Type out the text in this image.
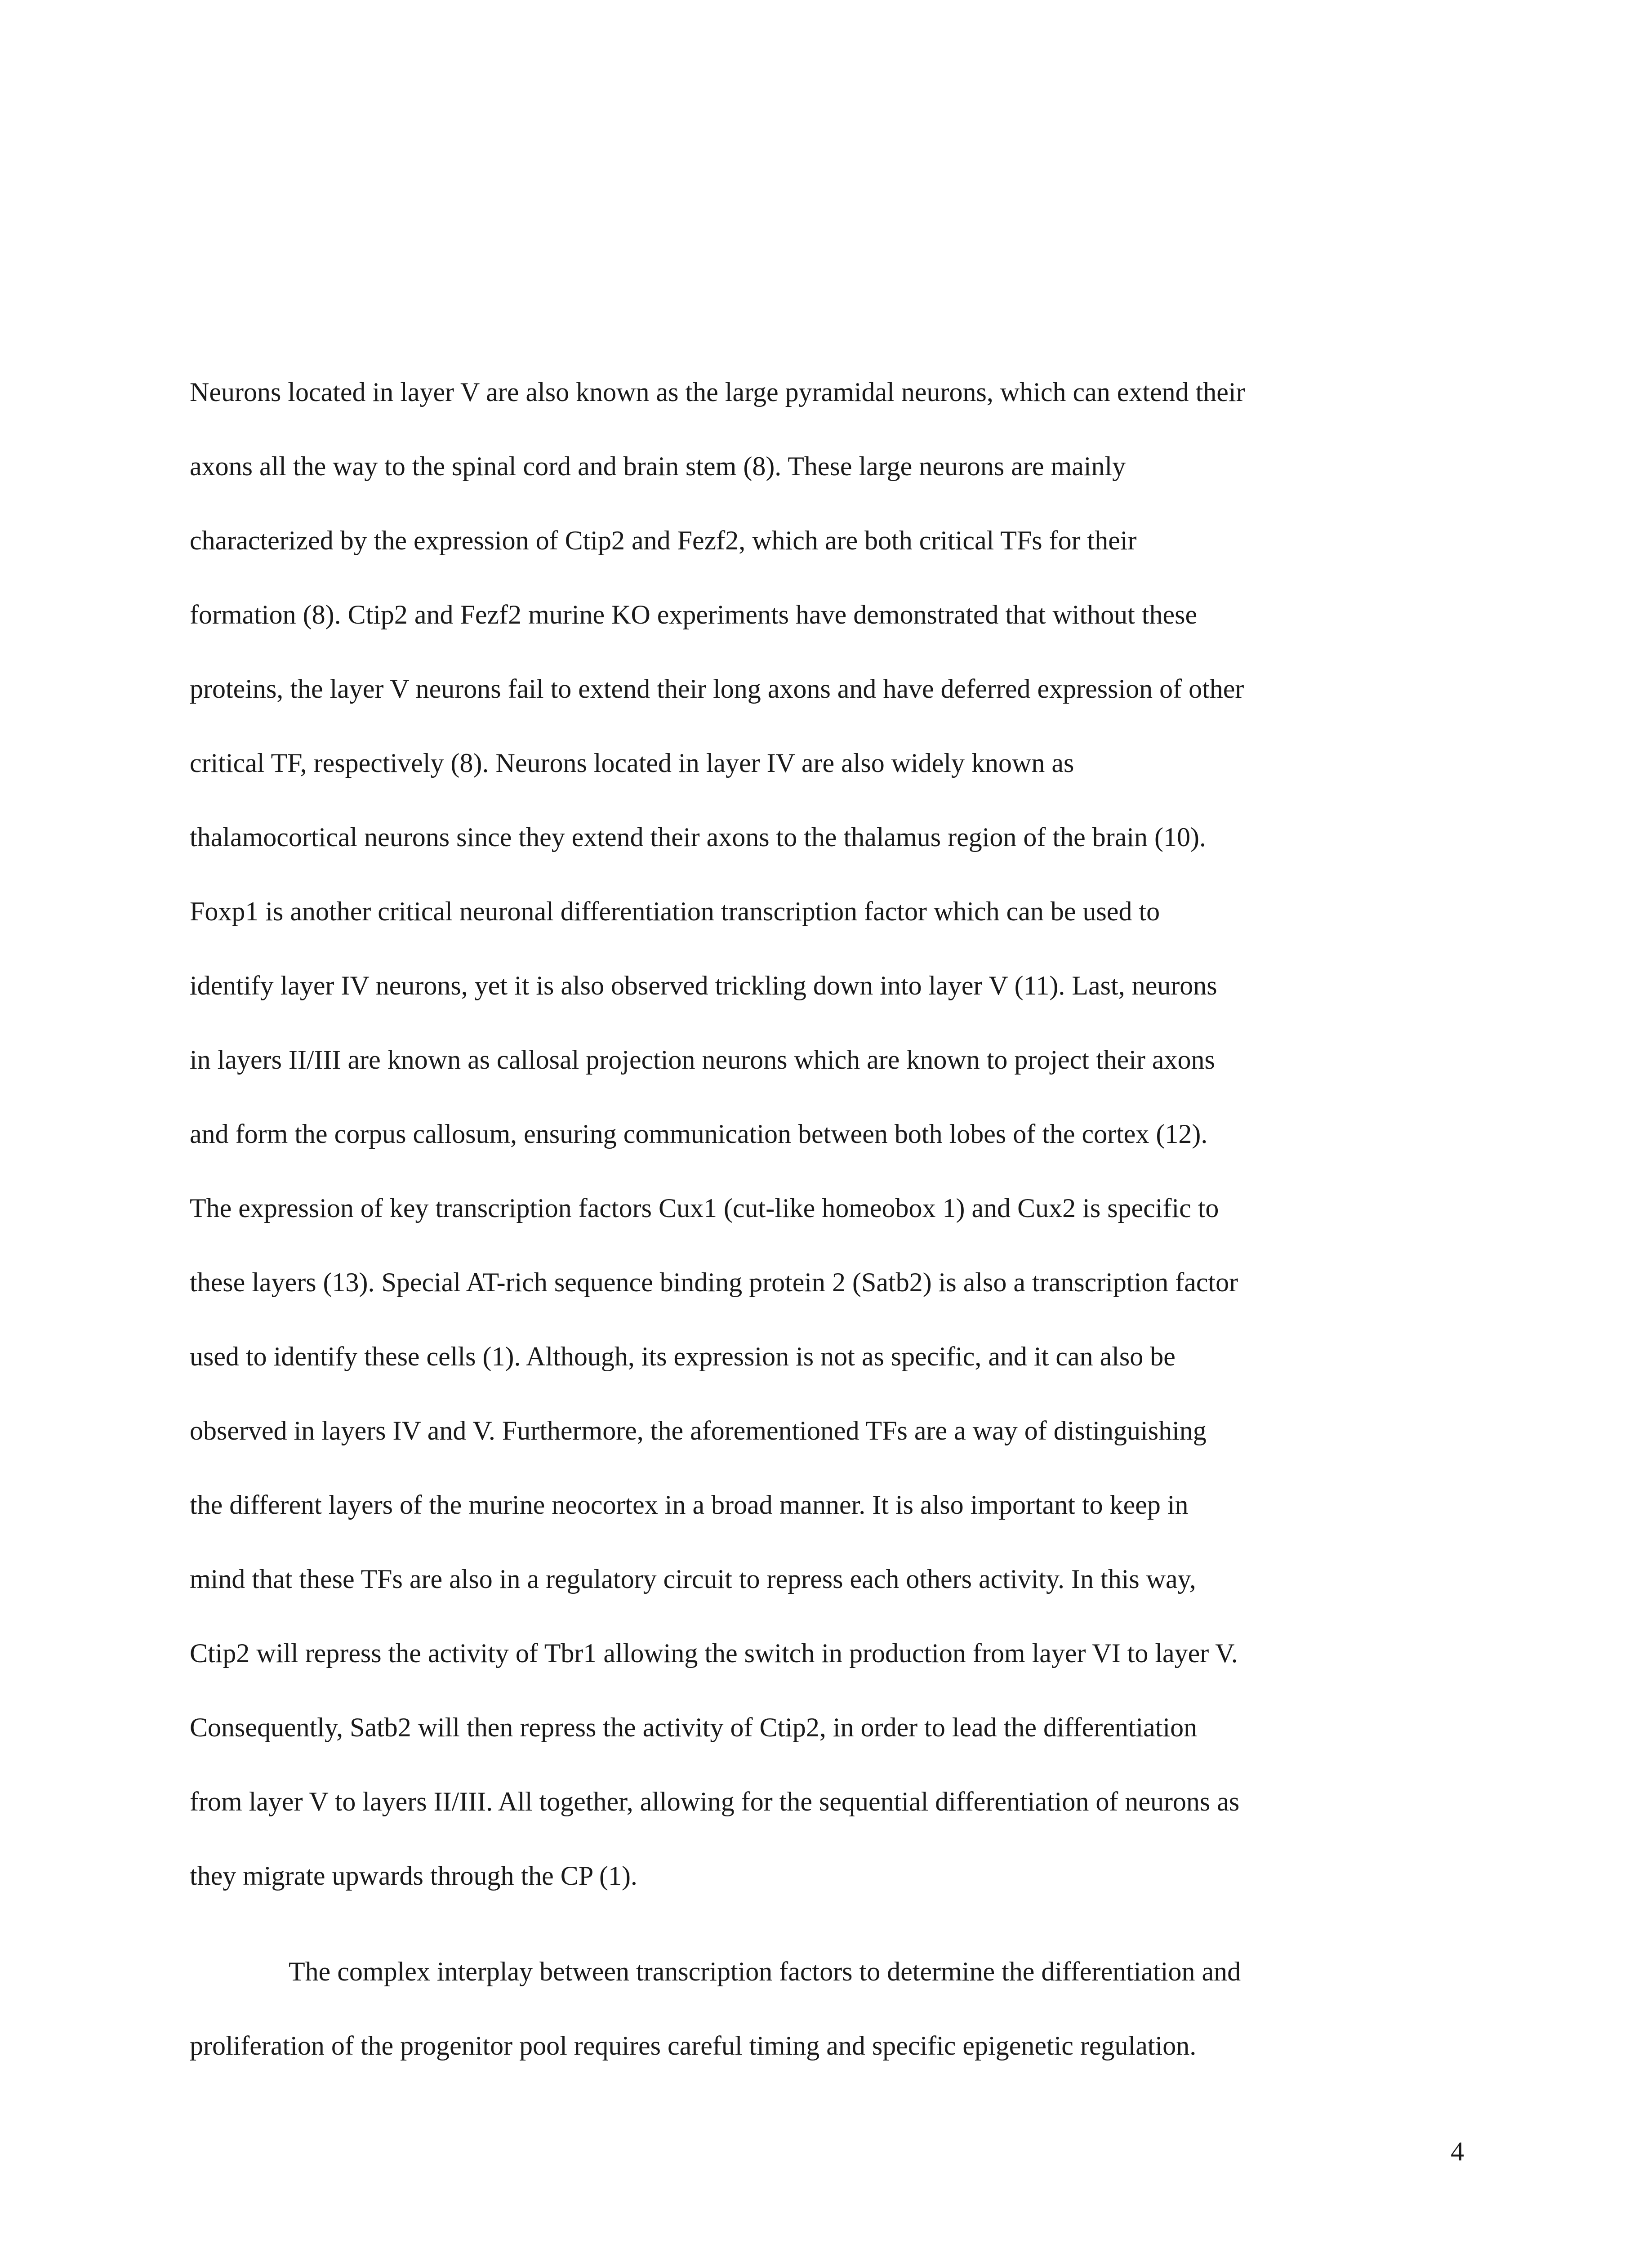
Neurons located in layer V are also known as the large pyramidal neurons, which can extend their
axons all the way to the spinal cord and brain stem (8). These large neurons are mainly
characterized by the expression of Ctip2 and Fezf2, which are both critical TFs for their
formation (8). Ctip2 and Fezf2 murine KO experiments have demonstrated that without these
proteins, the layer V neurons fail to extend their long axons and have deferred expression of other
critical TF, respectively (8). Neurons located in layer IV are also widely known as
thalamocortical neurons since they extend their axons to the thalamus region of the brain (10).
Foxp1 is another critical neuronal differentiation transcription factor which can be used to
identify layer IV neurons, yet it is also observed trickling down into layer V (11). Last, neurons
in layers II/III are known as callosal projection neurons which are known to project their axons
and form the corpus callosum, ensuring communication between both lobes of the cortex (12).
The expression of key transcription factors Cux1 (cut-like homeobox 1) and Cux2 is specific to
these layers (13). Special AT-rich sequence binding protein 2 (Satb2) is also a transcription factor
used to identify these cells (1). Although, its expression is not as specific, and it can also be
observed in layers IV and V. Furthermore, the aforementioned TFs are a way of distinguishing
the different layers of the murine neocortex in a broad manner. It is also important to keep in
mind that these TFs are also in a regulatory circuit to repress each others activity. In this way,
Ctip2 will repress the activity of Tbr1 allowing the switch in production from layer VI to layer V.
Consequently, Satb2 will then repress the activity of Ctip2, in order to lead the differentiation
from layer V to layers II/III. All together, allowing for the sequential differentiation of neurons as
they migrate upwards through the CP (1).
The complex interplay between transcription factors to determine the differentiation and
proliferation of the progenitor pool requires careful timing and specific epigenetic regulation.
4
